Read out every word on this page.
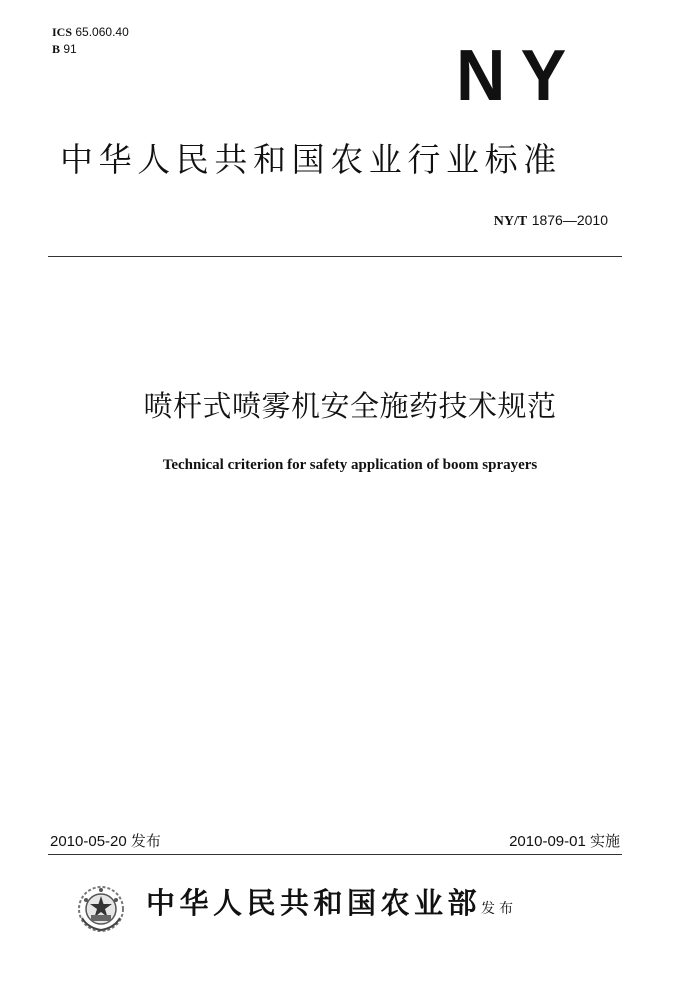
ICS 65.060.40
B 91	NY
中华人民共和国农业行业标准
NY/T 1876—2010
喷杆式喷雾机安全施药技术规范
Technical criterion for safety application of boom sprayers
2010-05-20 发布	2010-09-01 实施
中华人民共和国农业部 发布
